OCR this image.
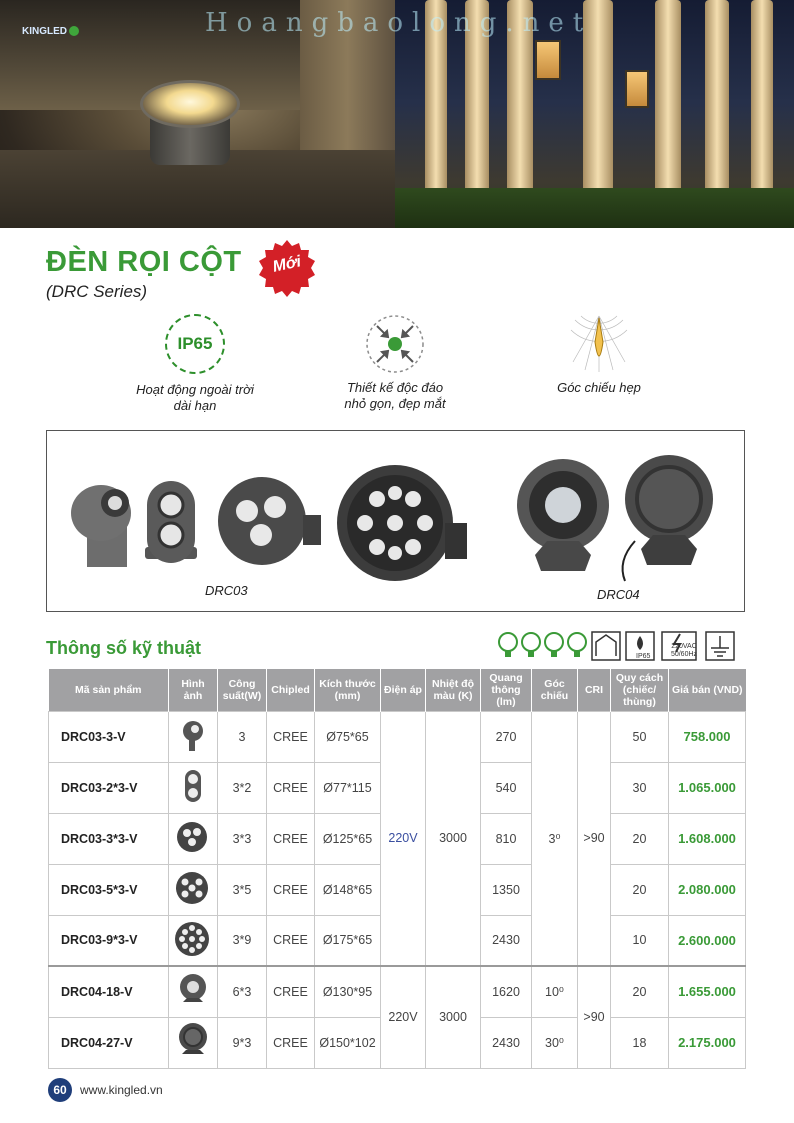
KINGLED	Hoangbaolong.net
ĐÈN RỌI CỘT
(DRC Series)
Mới
IP65
Hoạt động ngoài trời
dài hạn
Thiết kế độc đáo
nhỏ gọn, đẹp mắt
Góc chiếu hẹp
DRC03	DRC04
Thông số kỹ thuật	IP65
220VAC
50/60Hz
Mã sản phẩm	Hình ảnh	Công suất(W)	Chipled	Kích thước (mm)	Điện áp	Nhiệt độ màu (K)	Quang thông (lm)	Góc chiếu	CRI	Quy cách (chiếc/ thùng)	Giá bán (VND)
DRC03-3-V		3	CREE	Ø75*65	220V	3000	270	3⁰	>90	50	758.000
DRC03-2*3-V		3*2	CREE	Ø77*115			540			30	1.065.000
DRC03-3*3-V		3*3	CREE	Ø125*65			810			20	1.608.000
DRC03-5*3-V		3*5	CREE	Ø148*65			1350			20	2.080.000
DRC03-9*3-V		3*9	CREE	Ø175*65			2430			10	2.600.000
DRC04-18-V		6*3	CREE	Ø130*95	220V	3000	1620	10⁰	>90	20	1.655.000
DRC04-27-V		9*3	CREE	Ø150*102			2430	30⁰		18	2.175.000
60	www.kingled.vn
